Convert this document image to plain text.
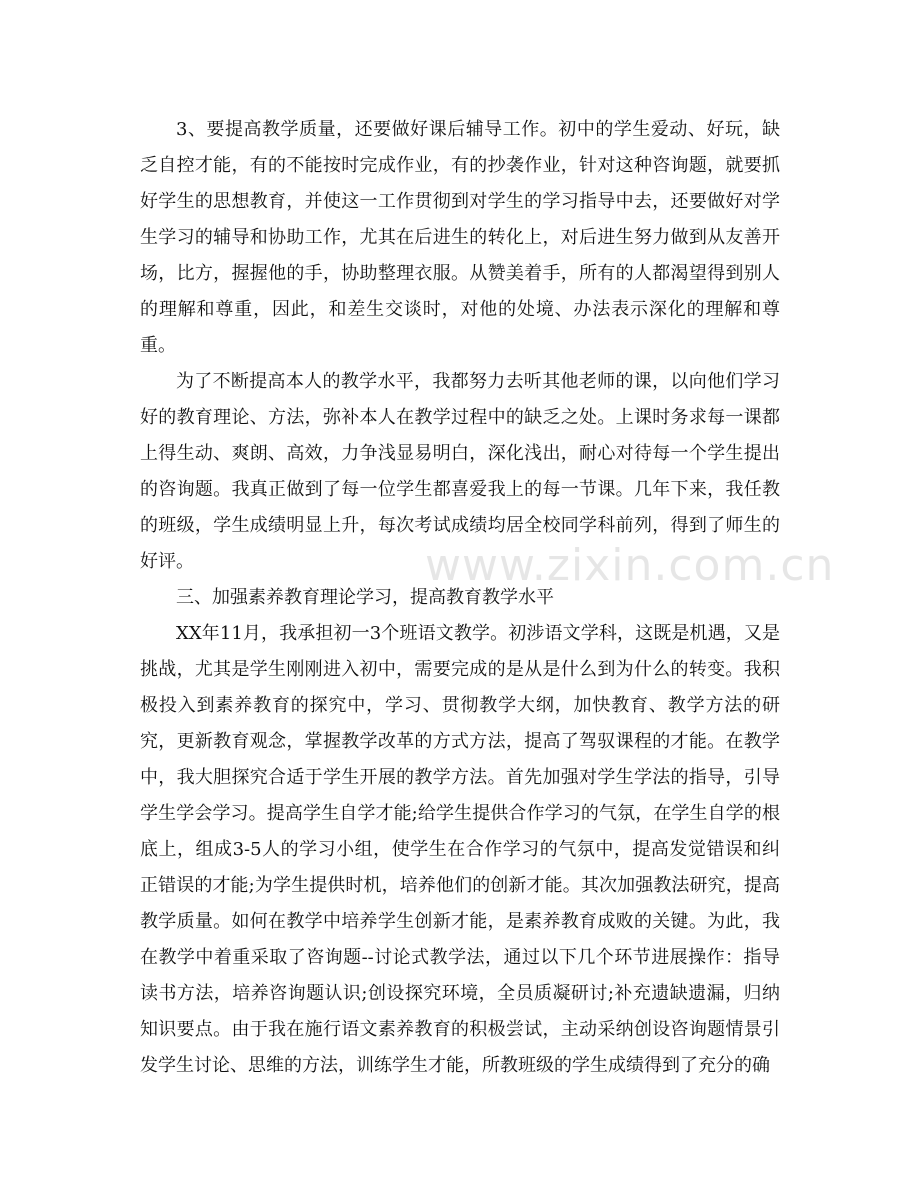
3、要提高教学质量，还要做好课后辅导工作。初中的学生爱动、好玩，缺乏自控才能，有的不能按时完成作业，有的抄袭作业，针对这种咨询题，就要抓好学生的思想教育，并使这一工作贯彻到对学生的学习指导中去，还要做好对学生学习的辅导和协助工作，尤其在后进生的转化上，对后进生努力做到从友善开场，比方，握握他的手，协助整理衣服。从赞美着手，所有的人都渴望得到别人的理解和尊重，因此，和差生交谈时，对他的处境、办法表示深化的理解和尊重。

为了不断提高本人的教学水平，我都努力去听其他老师的课，以向他们学习好的教育理论、方法，弥补本人在教学过程中的缺乏之处。上课时务求每一课都上得生动、爽朗、高效，力争浅显易明白，深化浅出，耐心对待每一个学生提出的咨询题。我真正做到了每一位学生都喜爱我上的每一节课。几年下来，我任教的班级，学生成绩明显上升，每次考试成绩均居全校同学科前列，得到了师生的好评。

三、加强素养教育理论学习，提高教育教学水平

XX年11月，我承担初一3个班语文教学。初涉语文学科，这既是机遇，又是挑战，尤其是学生刚刚进入初中，需要完成的是从是什么到为什么的转变。我积极投入到素养教育的探究中，学习、贯彻教学大纲，加快教育、教学方法的研究，更新教育观念，掌握教学改革的方式方法，提高了驾驭课程的才能。在教学中，我大胆探究合适于学生开展的教学方法。首先加强对学生学法的指导，引导学生学会学习。提高学生自学才能;给学生提供合作学习的气氛，在学生自学的根底上，组成3-5人的学习小组，使学生在合作学习的气氛中，提高发觉错误和纠正错误的才能;为学生提供时机，培养他们的创新才能。其次加强教法研究，提高教学质量。如何在教学中培养学生创新才能，是素养教育成败的关键。为此，我在教学中着重采取了咨询题--讨论式教学法，通过以下几个环节进展操作：指导读书方法，培养咨询题认识;创设探究环境，全员质凝研讨;补充遗缺遗漏，归纳知识要点。由于我在施行语文素养教育的积极尝试，主动采纳创设咨询题情景引发学生讨论、思维的方法，训练学生才能，所教班级的学生成绩得到了充分的确

www.zixin.com.cn
